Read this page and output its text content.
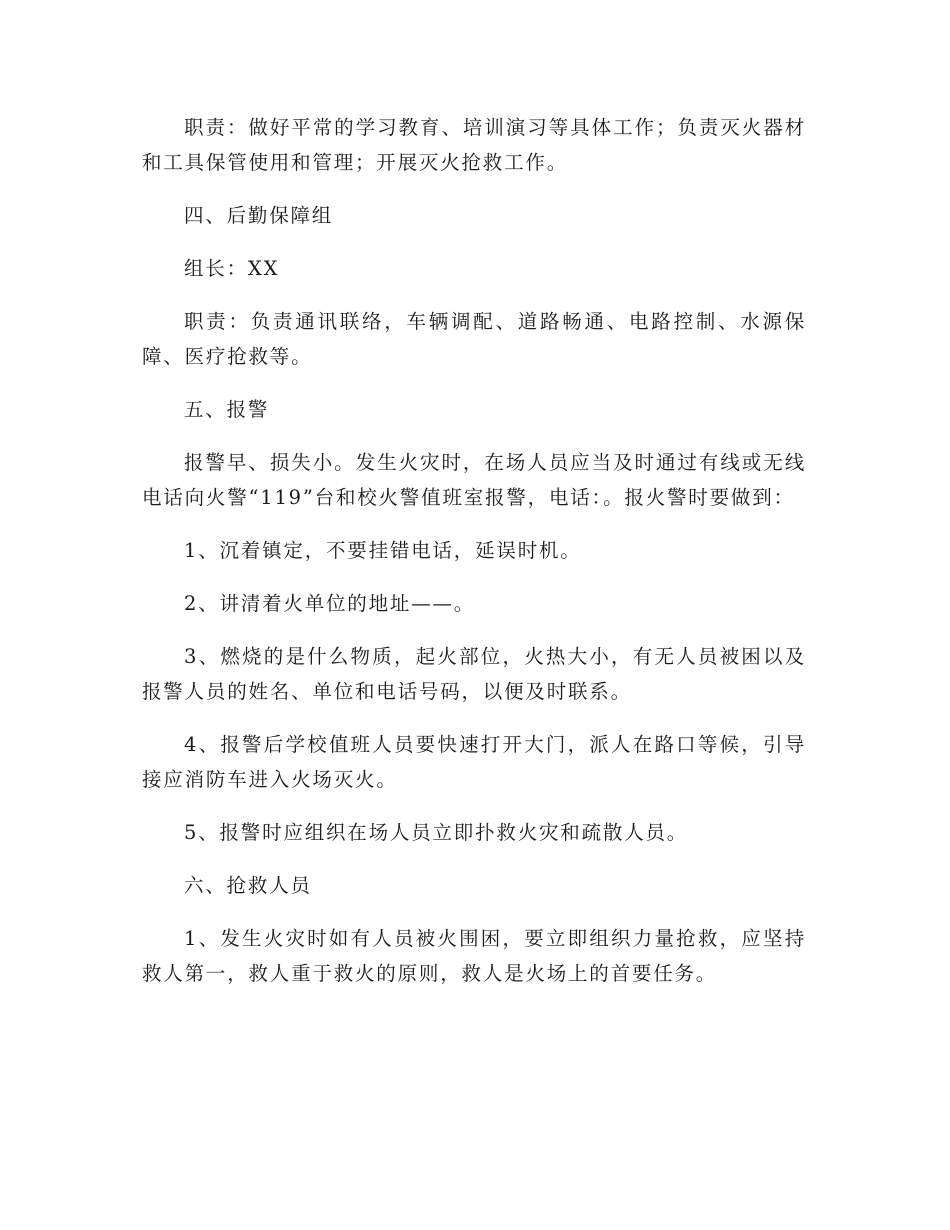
职责：做好平常的学习教育、培训演习等具体工作；负责灭火器材和工具保管使用和管理；开展灭火抢救工作。

四、后勤保障组

组长：XX

职责：负责通讯联络，车辆调配、道路畅通、电路控制、水源保障、医疗抢救等。

五、报警

报警早、损失小。发生火灾时，在场人员应当及时通过有线或无线电话向火警“119”台和校火警值班室报警，电话：。报火警时要做到：

1、沉着镇定，不要挂错电话，延误时机。

2、讲清着火单位的地址——。

3、燃烧的是什么物质，起火部位，火热大小，有无人员被困以及报警人员的姓名、单位和电话号码，以便及时联系。

4、报警后学校值班人员要快速打开大门，派人在路口等候，引导接应消防车进入火场灭火。

5、报警时应组织在场人员立即扑救火灾和疏散人员。

六、抢救人员

1、发生火灾时如有人员被火围困，要立即组织力量抢救，应坚持救人第一，救人重于救火的原则，救人是火场上的首要任务。
